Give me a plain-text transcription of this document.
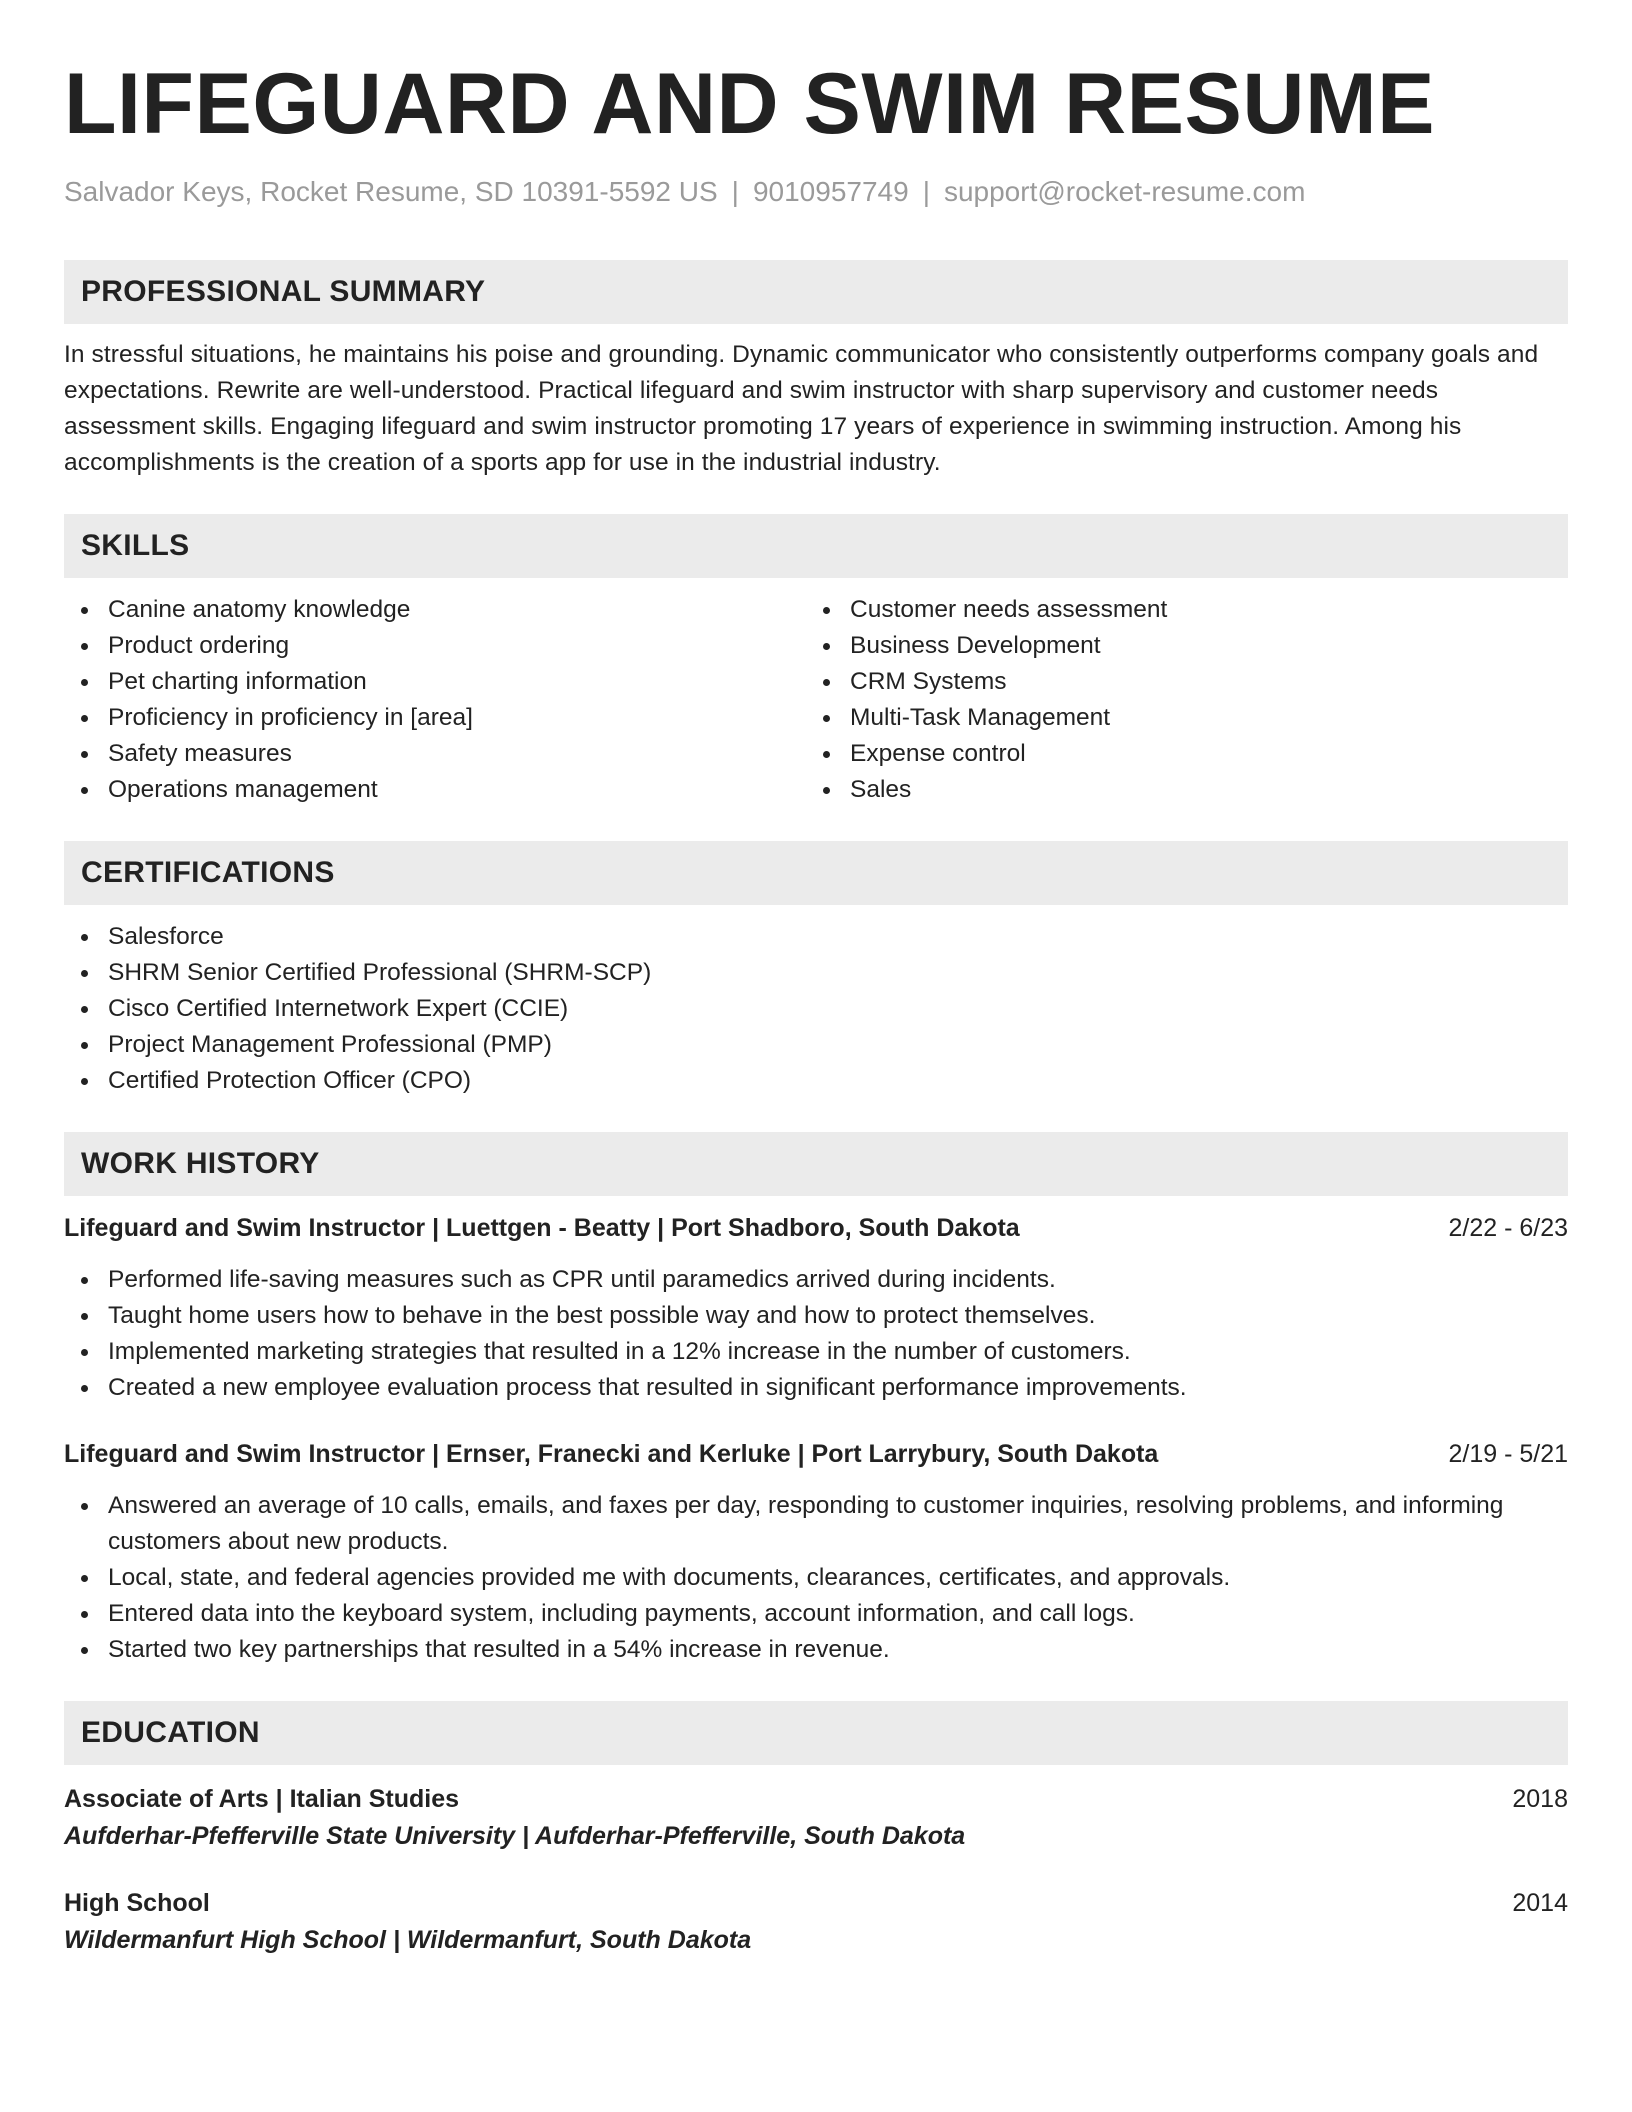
LIFEGUARD AND SWIM RESUME
Salvador Keys, Rocket Resume, SD 10391-5592 US | 9010957749 | support@rocket-resume.com
PROFESSIONAL SUMMARY

In stressful situations, he maintains his poise and grounding. Dynamic communicator who consistently outperforms company goals and expectations. Rewrite are well-understood. Practical lifeguard and swim instructor with sharp supervisory and customer needs assessment skills. Engaging lifeguard and swim instructor promoting 17 years of experience in swimming instruction. Among his accomplishments is the creation of a sports app for use in the industrial industry.

SKILLS
Canine anatomy knowledge
Product ordering
Pet charting information
Proficiency in proficiency in [area]
Safety measures
Operations management
Customer needs assessment
Business Development
CRM Systems
Multi-Task Management
Expense control
Sales
CERTIFICATIONS
Salesforce
SHRM Senior Certified Professional (SHRM-SCP)
Cisco Certified Internetwork Expert (CCIE)
Project Management Professional (PMP)
Certified Protection Officer (CPO)
WORK HISTORY
Lifeguard and Swim Instructor | Luettgen - Beatty | Port Shadboro, South Dakota	2/22 - 6/23
Performed life-saving measures such as CPR until paramedics arrived during incidents.
Taught home users how to behave in the best possible way and how to protect themselves.
Implemented marketing strategies that resulted in a 12% increase in the number of customers.
Created a new employee evaluation process that resulted in significant performance improvements.
Lifeguard and Swim Instructor | Ernser, Franecki and Kerluke | Port Larrybury, South Dakota	2/19 - 5/21
Answered an average of 10 calls, emails, and faxes per day, responding to customer inquiries, resolving problems, and informing customers about new products.
Local, state, and federal agencies provided me with documents, clearances, certificates, and approvals.
Entered data into the keyboard system, including payments, account information, and call logs.
Started two key partnerships that resulted in a 54% increase in revenue.
EDUCATION
Associate of Arts | Italian Studies	2018
Aufderhar-Pfefferville State University | Aufderhar-Pfefferville, South Dakota
High School	2014
Wildermanfurt High School | Wildermanfurt, South Dakota
